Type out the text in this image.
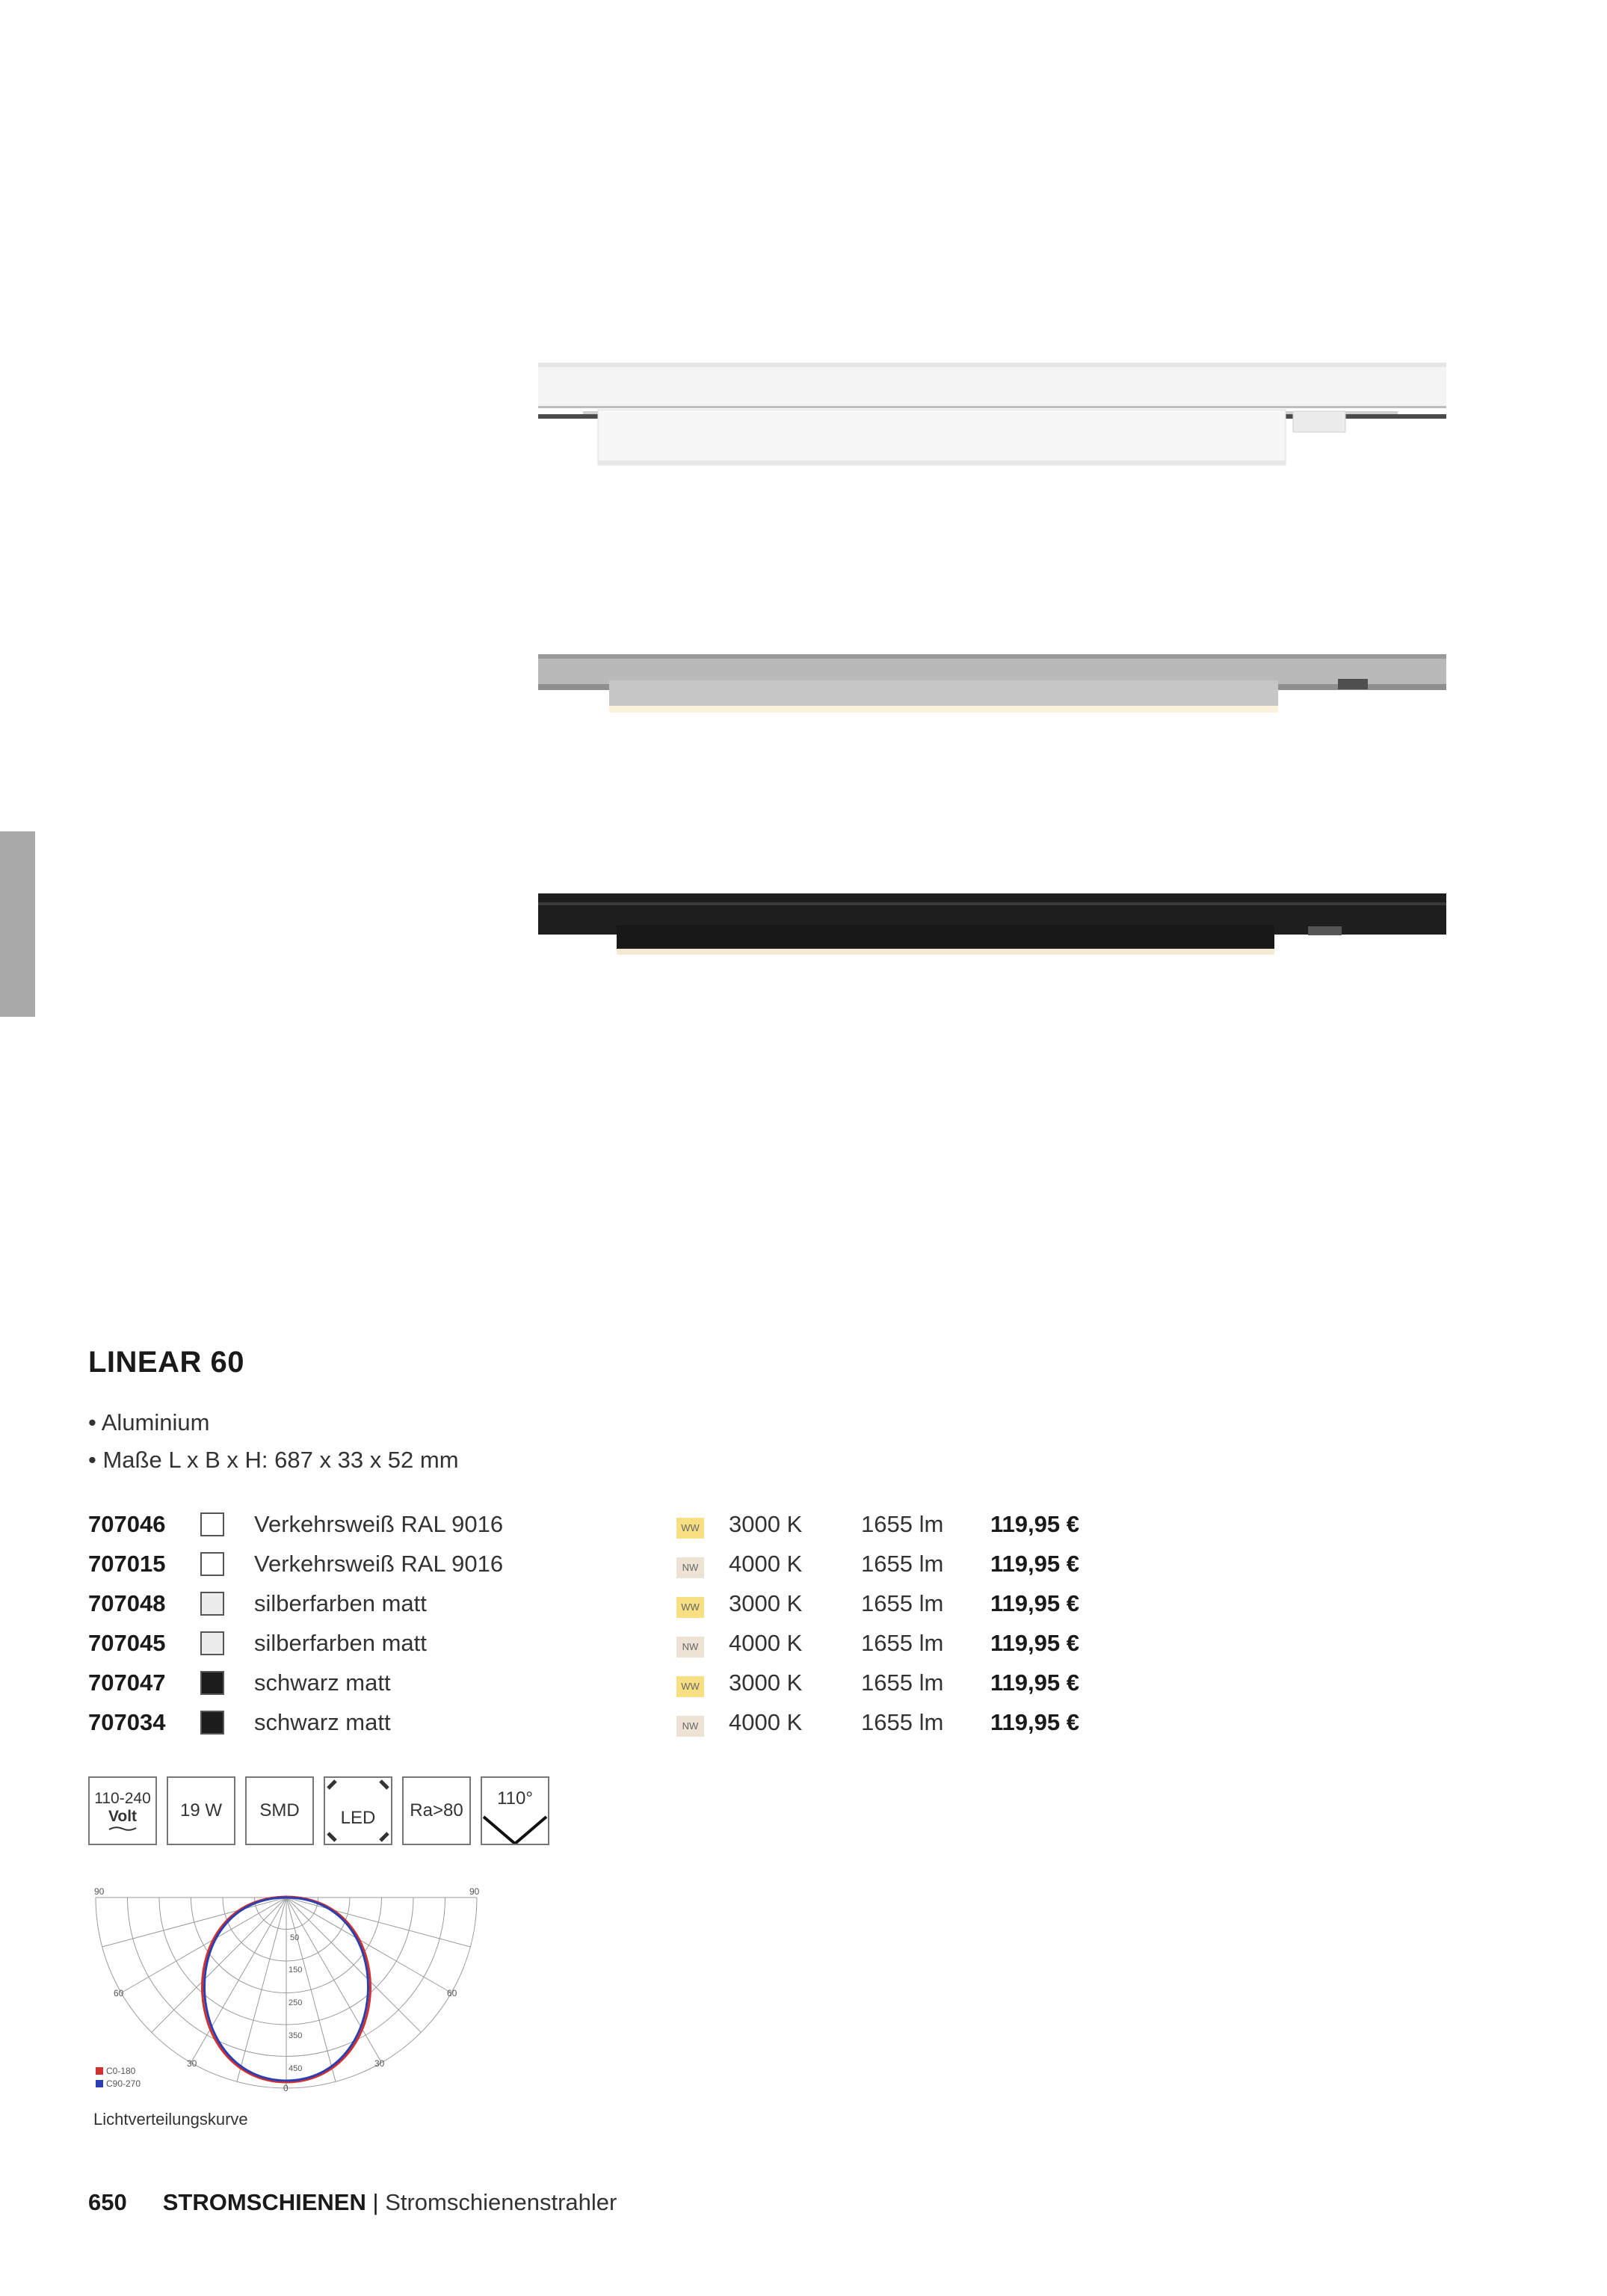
LINEAR 60
• Aluminium
• Maße L x B x H: 687 x 33 x 52 mm
707046		Verkehrsweiß RAL 9016	WW	3000 K	1655 lm	119,95 €
707015		Verkehrsweiß RAL 9016	NW	4000 K	1655 lm	119,95 €
707048		silberfarben matt	WW	3000 K	1655 lm	119,95 €
707045		silberfarben matt	NW	4000 K	1655 lm	119,95 €
707047		schwarz matt	WW	3000 K	1655 lm	119,95 €
707034		schwarz matt	NW	4000 K	1655 lm	119,95 €
110-240
Volt	19 W	SMD	LED	Ra>80
110°
90	90
60	60
30	30
0
50
150
250
350
450
C0-180
C90-270
Lichtverteilungskurve
650 STROMSCHIENEN | Stromschienenstrahler
